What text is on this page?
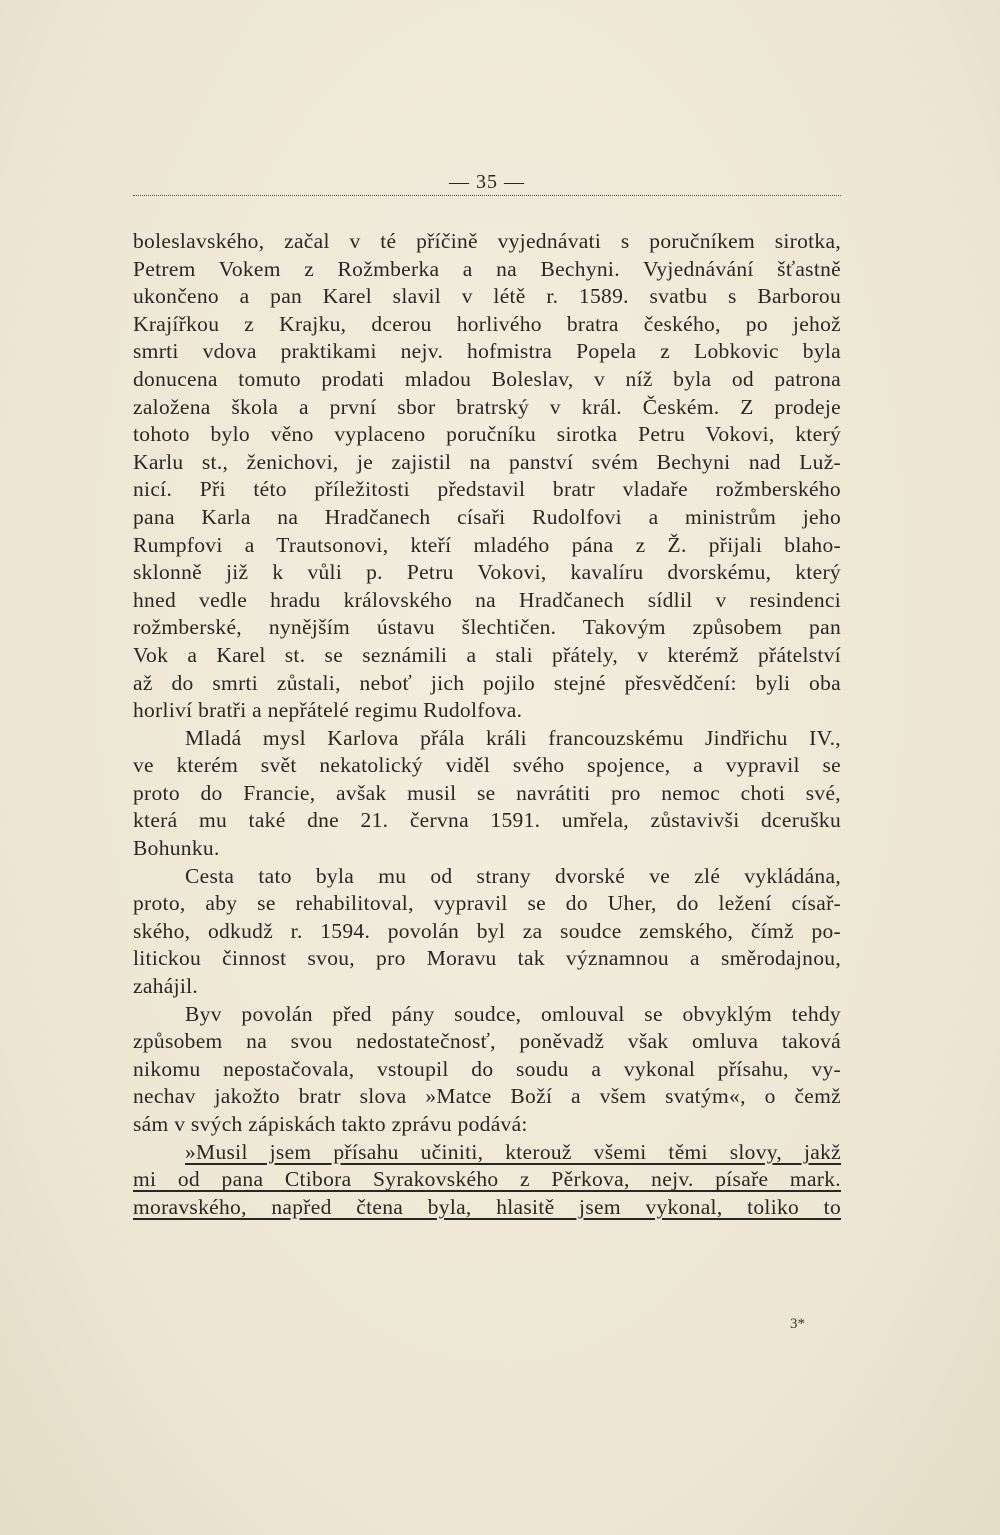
— 35 —
boleslavského, začal v té příčině vyjednávati s poručníkem sirotka,
Petrem Vokem z Rožmberka a na Bechyni. Vyjednávání šťastně
ukončeno a pan Karel slavil v létě r. 1589. svatbu s Barborou
Krajířkou z Krajku, dcerou horlivého bratra českého, po jehož
smrti vdova praktikami nejv. hofmistra Popela z Lobkovic byla
donucena tomuto prodati mladou Boleslav, v níž byla od patrona
založena škola a první sbor bratrský v král. Českém. Z prodeje
tohoto bylo věno vyplaceno poručníku sirotka Petru Vokovi, který
Karlu st., ženichovi, je zajistil na panství svém Bechyni nad Luž-
nicí. Při této příležitosti představil bratr vladaře rožmberského
pana Karla na Hradčanech císaři Rudolfovi a ministrům jeho
Rumpfovi a Trautsonovi, kteří mladého pána z Ž. přijali blaho-
sklonně již k vůli p. Petru Vokovi, kavalíru dvorskému, který
hned vedle hradu královského na Hradčanech sídlil v resindenci
rožmberské, nynějším ústavu šlechtičen. Takovým způsobem pan
Vok a Karel st. se seznámili a stali přátely, v kterémž přátelství
až do smrti zůstali, neboť jich pojilo stejné přesvědčení: byli oba
horliví bratři a nepřátelé regimu Rudolfova.
Mladá mysl Karlova přála králi francouzskému Jindřichu IV.,
ve kterém svět nekatolický viděl svého spojence, a vypravil se
proto do Francie, avšak musil se navrátiti pro nemoc choti své,
která mu také dne 21. června 1591. umřela, zůstavivši dcerušku
Bohunku.
Cesta tato byla mu od strany dvorské ve zlé vykládána,
proto, aby se rehabilitoval, vypravil se do Uher, do ležení císař-
ského, odkudž r. 1594. povolán byl za soudce zemského, čímž po-
litickou činnost svou, pro Moravu tak významnou a směrodajnou,
zahájil.
Byv povolán před pány soudce, omlouval se obvyklým tehdy
způsobem na svou nedostatečnosť, poněvadž však omluva taková
nikomu nepostačovala, vstoupil do soudu a vykonal přísahu, vy-
nechav jakožto bratr slova »Matce Boží a všem svatým«, o čemž
sám v svých zápiskách takto zprávu podává:
»Musil jsem přísahu učiniti, kterouž všemi těmi slovy, jakž
mi od pana Ctibora Syrakovského z Pěrkova, nejv. písaře mark.
moravského, napřed čtena byla, hlasitě jsem vykonal, toliko to
3*
